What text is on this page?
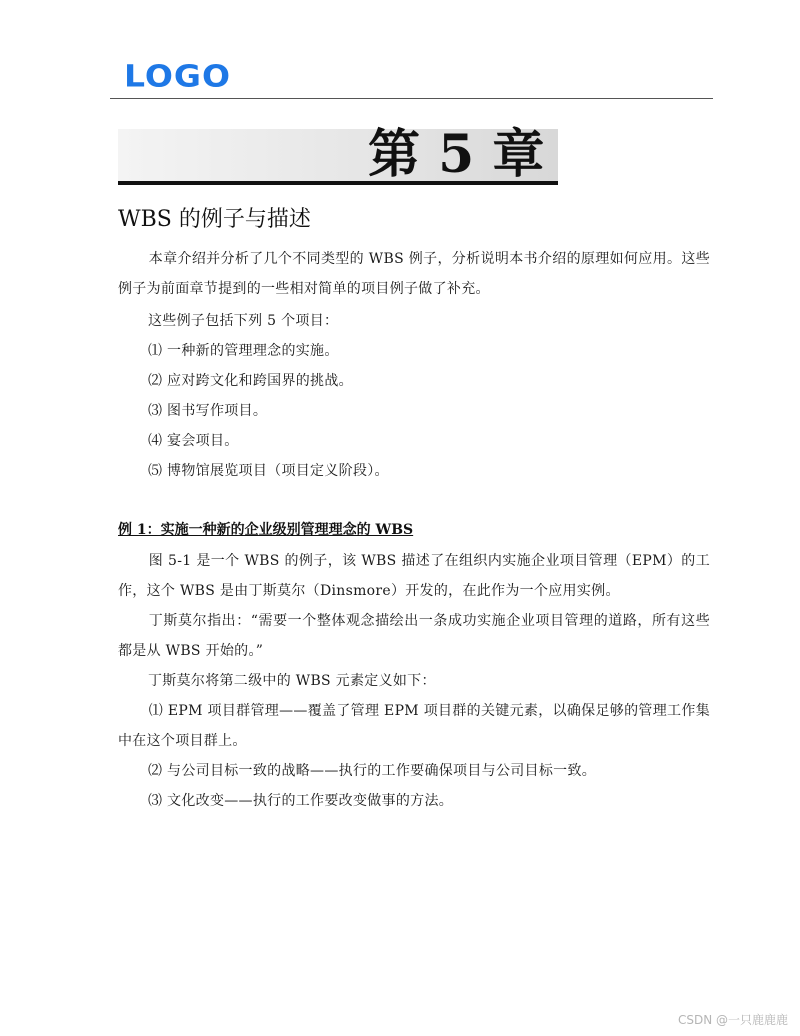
LOGO
第 5 章
WBS 的例子与描述
本章介绍并分析了几个不同类型的 WBS 例子，分析说明本书介绍的原理如何应用。这些例子为前面章节提到的一些相对简单的项目例子做了补充。
这些例子包括下列 5 个项目：
⑴ 一种新的管理理念的实施。
⑵ 应对跨文化和跨国界的挑战。
⑶ 图书写作项目。
⑷ 宴会项目。
⑸ 博物馆展览项目（项目定义阶段）。
例 1：实施一种新的企业级别管理理念的 WBS
图 5-1 是一个 WBS 的例子，该 WBS 描述了在组织内实施企业项目管理（EPM）的工作，这个 WBS 是由丁斯莫尔（Dinsmore）开发的，在此作为一个应用实例。
丁斯莫尔指出：“需要一个整体观念描绘出一条成功实施企业项目管理的道路，所有这些都是从 WBS 开始的。”
丁斯莫尔将第二级中的 WBS 元素定义如下：
⑴ EPM 项目群管理——覆盖了管理 EPM 项目群的关键元素，以确保足够的管理工作集中在这个项目群上。
⑵ 与公司目标一致的战略——执行的工作要确保项目与公司目标一致。
⑶ 文化改变——执行的工作要改变做事的方法。
CSDN @一只鹿鹿鹿
